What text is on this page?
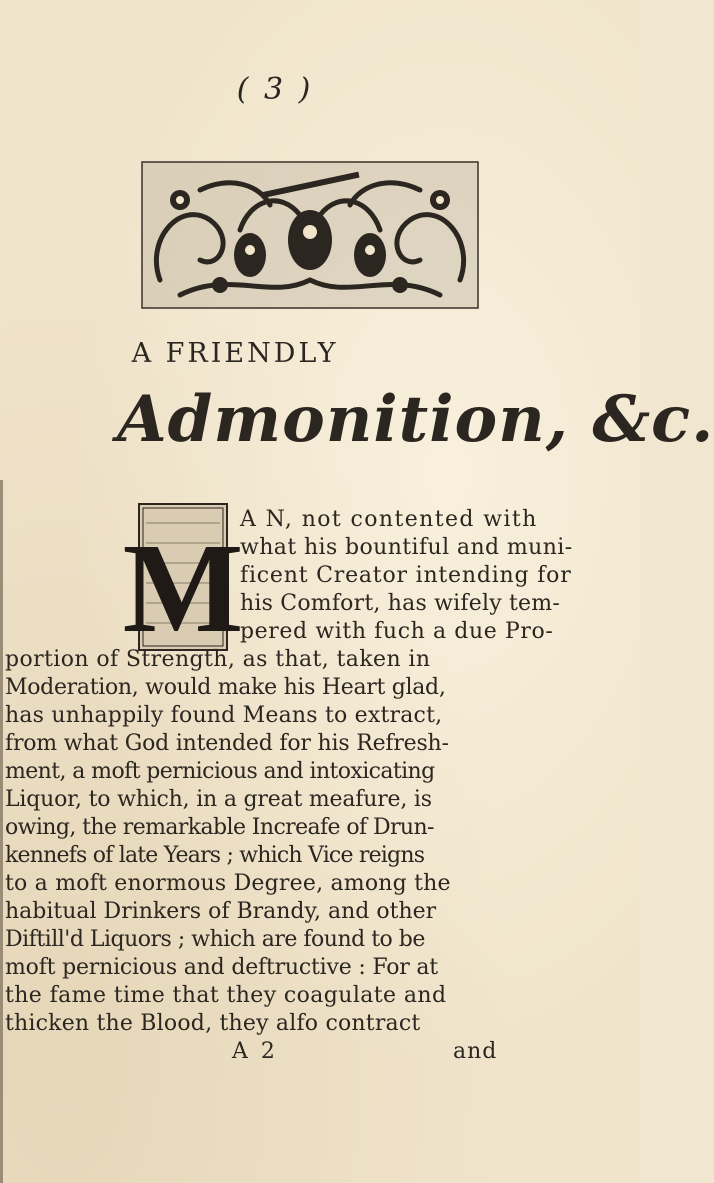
( 3 )
A FRIENDLY
Admonition, &c.
M
A N, not contented with
what his bountiful and muni-
ficent Creator intending for
his Comfort, has wifely tem-
pered with fuch a due Pro-
portion of Strength, as that, taken in
Moderation, would make his Heart glad,
has unhappily found Means to extract,
from what God intended for his Refresh-
ment, a moft pernicious and intoxicating
Liquor, to which, in a great meafure, is
owing, the remarkable Increafe of Drun-
kennefs of late Years ; which Vice reigns
to a moft enormous Degree, among the
habitual Drinkers of Brandy, and other
Diftill'd Liquors ; which are found to be
moft pernicious and deftructive : For at
the fame time that they coagulate and
thicken the Blood, they alfo contract
A 2	and
